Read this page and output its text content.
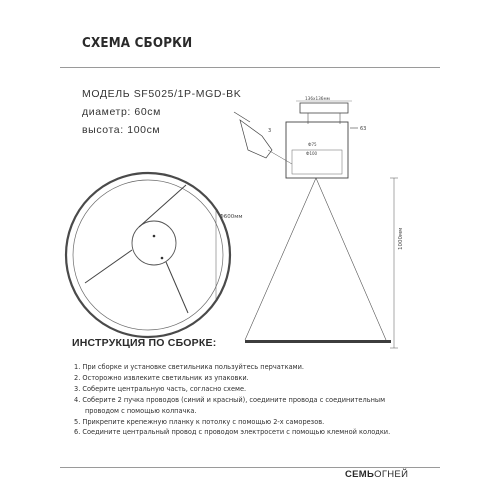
СХЕМА СБОРКИ
МОДЕЛЬ SF5025/1P-MGD-BK
диаметр: 60см
высота: 100см
Ф600мм
136х136мм
Ф75
Ф100
63
3
1000мм
ИНСТРУКЦИЯ ПО СБОРКЕ:
1. При сборке и установке светильника пользуйтесь перчатками.
2. Осторожно извлеките светильник из упаковки.
3. Соберите центральную часть, согласно схеме.
4. Соберите 2 пучка проводов (синий и красный), соедините провода с соединительным
проводом с помощью колпачка.
5. Прикрепите крепежную планку к потолку с помощью 2-х саморезов.
6. Соедините центральный провод с проводом электросети с помощью клемной колодки.
СЕМЬОГНЕЙ
